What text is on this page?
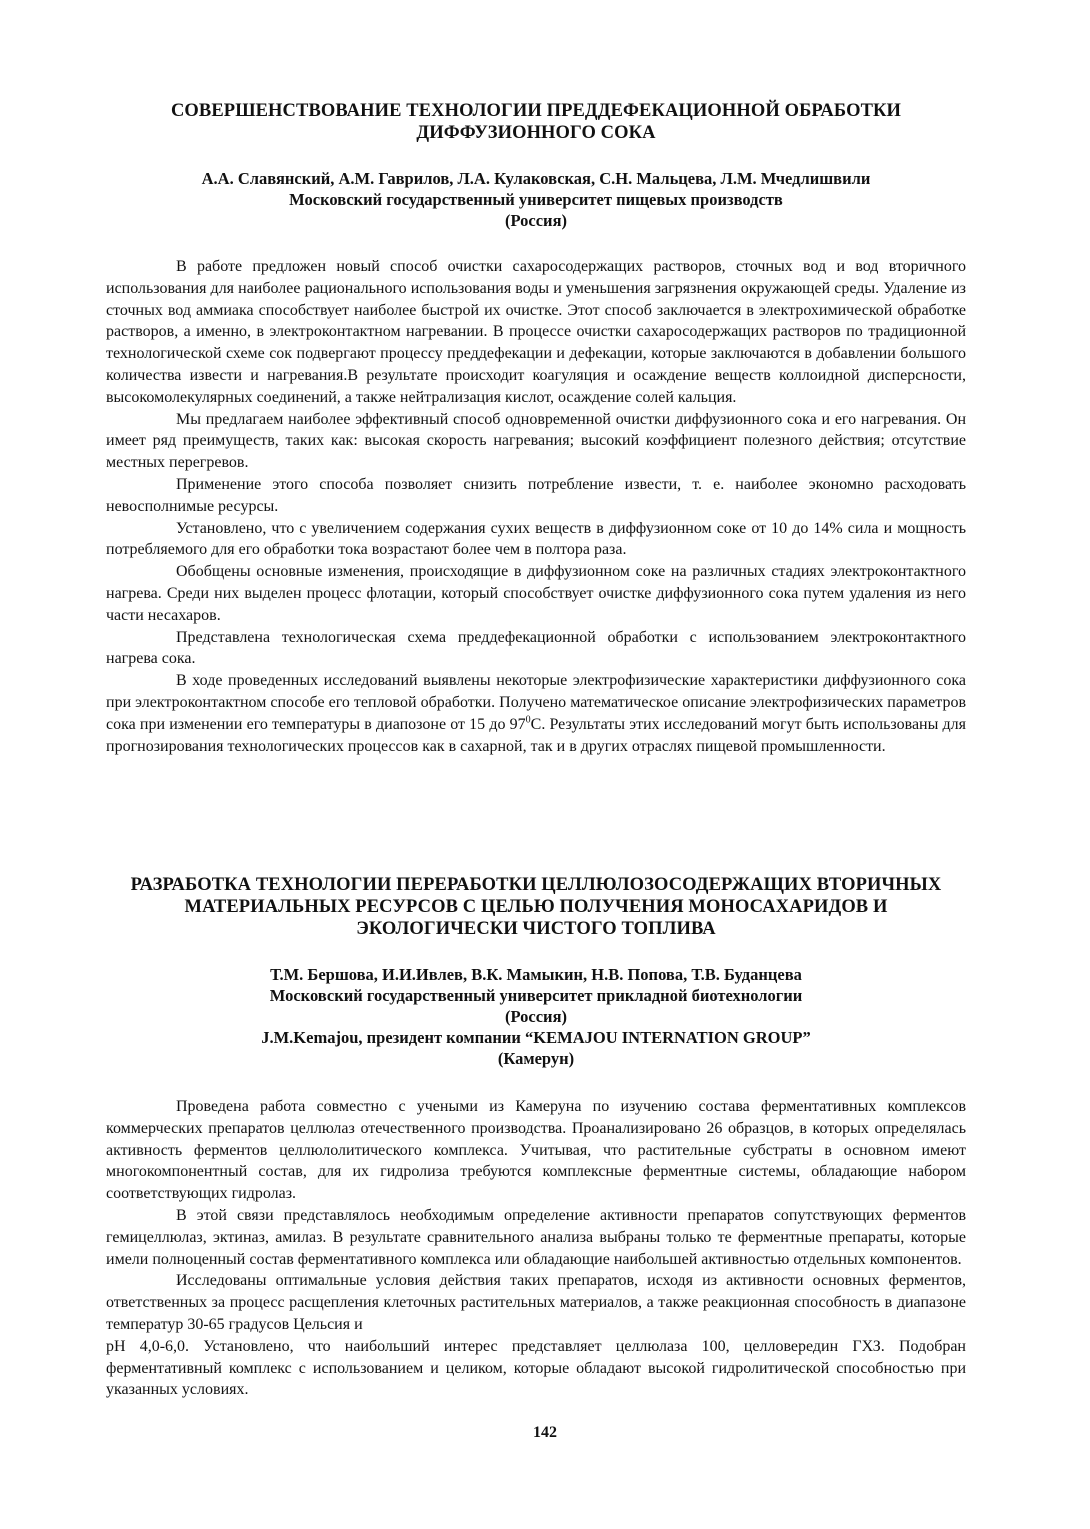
СОВЕРШЕНСТВОВАНИЕ ТЕХНОЛОГИИ ПРЕДДЕФЕКАЦИОННОЙ ОБРАБОТКИ

ДИФФУЗИОННОГО СОКА

А.А. Славянский, А.М. Гаврилов, Л.А. Кулаковская, С.Н. Мальцева, Л.М. Мчедлишвили

Московский государственный университет пищевых производств

(Россия)

В работе предложен новый способ очистки сахаросодержащих растворов, сточных вод и вод вторичного использования для наиболее рационального использования воды и уменьшения загрязнения окружающей среды. Удаление из сточных вод аммиака способствует наиболее быстрой их очистке. Этот способ заключается в электрохимической обработке растворов, а именно, в электроконтактном нагревании. В процессе очистки сахаросодержащих растворов по традиционной технологической схеме сок подвергают процессу преддефекации и дефекации, которые заключаются в добавлении большого количества извести и нагревания.В результате происходит коагуляция и осаждение веществ коллоидной дисперсности, высокомолекулярных соединений, а также нейтрализация кислот, осаждение солей кальция.

Мы предлагаем наиболее эффективный способ одновременной очистки диффузионного сока и его нагревания. Он имеет ряд преимуществ, таких как: высокая скорость нагревания; высокий коэффициент полезного действия; отсутствие местных перегревов.

Применение этого способа позволяет снизить потребление извести, т. е. наиболее экономно расходовать невосполнимые ресурсы.

Установлено, что с увеличением содержания сухих веществ в диффузионном соке от 10 до 14% сила и мощность потребляемого для его обработки тока возрастают более чем в полтора раза.

Обобщены основные изменения, происходящие в диффузионном соке на различных стадиях электроконтактного нагрева. Среди них выделен процесс флотации, который способствует очистке диффузионного сока путем удаления из него части несахаров.

Представлена технологическая схема преддефекационной обработки с использованием электроконтактного нагрева сока.

В ходе проведенных исследований выявлены некоторые электрофизические характеристики диффузионного сока при электроконтактном способе его тепловой обработки. Получено математическое описание электрофизических параметров сока при изменении его температуры в диапозоне от 15 до $97^0С$. Результаты этих исследований могут быть использованы для прогнозирования технологических процессов как в сахарной, так и в других отраслях пищевой промышленности.

РАЗРАБОТКА ТЕХНОЛОГИИ ПЕРЕРАБОТКИ ЦЕЛЛЮЛОЗОСОДЕРЖАЩИХ ВТОРИЧНЫХ

МАТЕРИАЛЬНЫХ РЕСУРСОВ С ЦЕЛЬЮ ПОЛУЧЕНИЯ МОНОСАХАРИДОВ И

ЭКОЛОГИЧЕСКИ ЧИСТОГО ТОПЛИВА

Т.М. Бершова, И.И.Ивлев, В.К. Мамыкин, Н.В. Попова, Т.В. Буданцева

Московский государственный университет прикладной биотехнологии

(Россия)

J.M.Kemajou, президент компании “KEMAJOU INTERNATION GROUP”

(Камерун)

Проведена работа совместно с учеными из Камеруна по изучению состава ферментативных комплексов коммерческих препаратов целлюлаз отечественного производства. Проанализировано 26 образцов, в которых определялась активность ферментов целлюлолитического комплекса. Учитывая, что растительные субстраты в основном имеют многокомпонентный состав, для их гидролиза требуются комплексные ферментные системы, обладающие набором соответствующих гидролаз.

В этой связи представлялось необходимым определение активности препаратов сопутствующих ферментов гемицеллюлаз, эктиназ, амилаз. В результате сравнительного анализа выбраны только те ферментные препараты, которые имели полноценный состав ферментативного комплекса или обладающие наибольшей активностью отдельных компонентов.

Исследованы оптимальные условия действия таких препаратов, исходя из активности основных ферментов, ответственных за процесс расщепления клеточных растительных материалов, а также реакционная способность в диапазоне температур 30-65 градусов Цельсия и

pH 4,0-6,0. Установлено, что наибольший интерес представляет целлюлаза 100, целловередин ГХЗ. Подобран ферментативный комплекс с использованием и целиком, которые обладают высокой гидролитической способностью при указанных условиях.

142
